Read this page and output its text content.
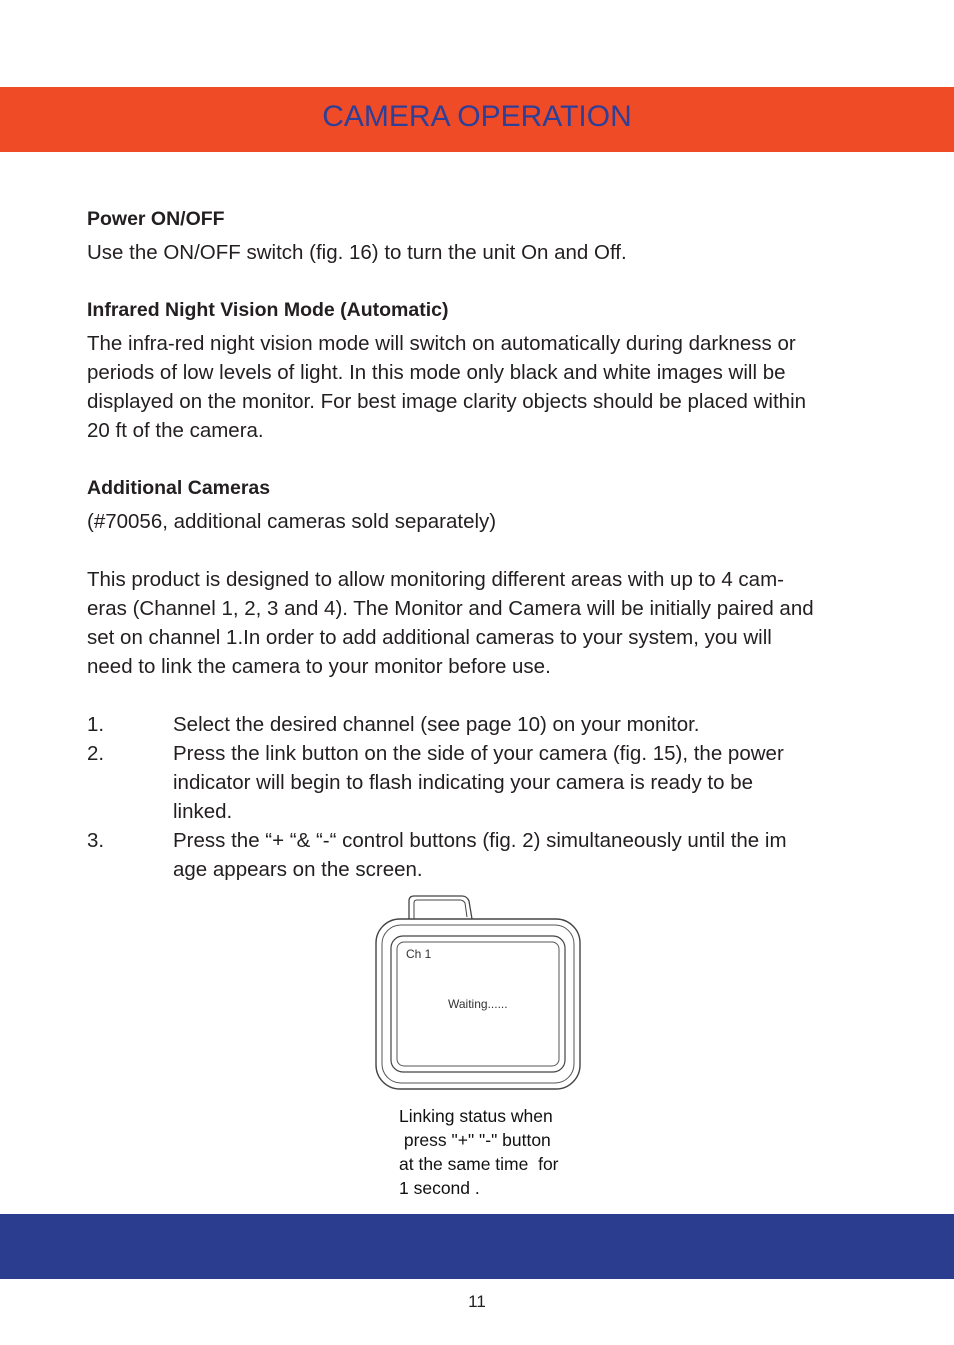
CAMERA OPERATION

Power ON/OFF

Use the ON/OFF switch (fig. 16) to turn the unit On and Off.

Infrared Night Vision Mode (Automatic)

The infra-red night vision mode will switch on automatically during darkness or

periods of low levels of light. In this mode only black and white images will be

displayed on the monitor. For best image clarity objects should be placed within

20 ft of the camera.

Additional Cameras

(#70056, additional cameras sold separately)

This product is designed to allow monitoring different areas with up to 4 cam-

eras (Channel 1, 2, 3 and 4). The Monitor and Camera will be initially paired and

set on channel 1.In order to add additional cameras to your system, you will

need to link the camera to your monitor before use.

1.	Select the desired channel (see page 10) on your monitor.
2.	Press the link button on the side of your camera (fig. 15), the power
indicator will begin to flash indicating your camera is ready to be
linked.
3.	Press the “+ “& “-“ control buttons (fig. 2) simultaneously until the im
age appears on the screen.
Ch 1
Waiting......
Linking status when
press "+" "-" button
at the same time  for
1 second .
11
